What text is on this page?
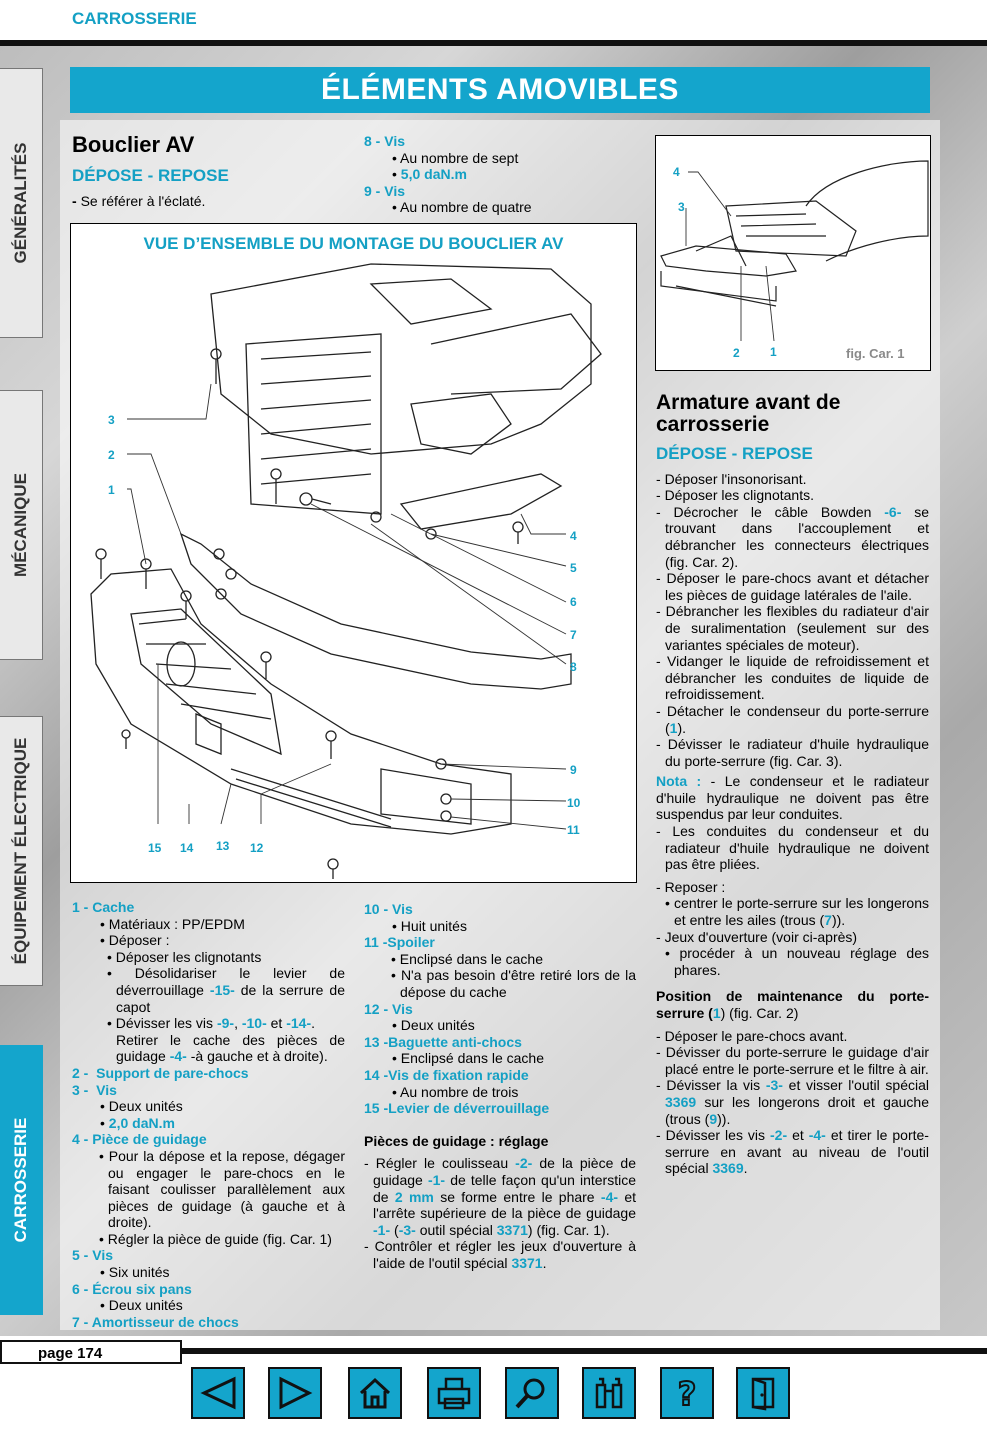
CARROSSERIE
ÉLÉMENTS AMOVIBLES
GÉNÉRALITÉS
MÉCANIQUE
ÉQUIPEMENT ÉLECTRIQUE
CARROSSERIE
Bouclier AV
DÉPOSE - REPOSE

- Se référer à l'éclaté.

8 - Vis

• Au nombre de sept

• 5,0 daN.m

9 - Vis

• Au nombre de quatre

VUE D’ENSEMBLE DU MONTAGE DU BOUCLIER AV
3
2
1
4
5
6
7
8
9
10
11
15 14 13 12
4
3
2	1	fig. Car. 1

1 - Cache

• Matériaux : PP/EPDM

• Déposer :

• Déposer les clignotants

• Désolidariser le levier de déverrouillage -15- de la serrure de capot

• Dévisser les vis -9-, -10- et -14-.

Retirer le cache des pièces de guidage -4- -à gauche et à droite).

2 - Support de pare-chocs

3 - Vis

• Deux unités

• 2,0 daN.m

4 - Pièce de guidage

• Pour la dépose et la repose, dégager ou engager le pare-chocs en le faisant coulisser parallèlement aux pièces de guidage (à gauche et à droite).

• Régler la pièce de guide (fig. Car. 1)

5 - Vis

• Six unités

6 - Écrou six pans

• Deux unités

7 - Amortisseur de chocs

10 - Vis

• Huit unités

11 -Spoiler

• Enclipsé dans le cache

• N'a pas besoin d'être retiré lors de la dépose du cache

12 - Vis

• Deux unités

13 -Baguette anti-chocs

• Enclipsé dans le cache

14 -Vis de fixation rapide

• Au nombre de trois

15 -Levier de déverrouillage

Pièces de guidage : réglage

- Régler le coulisseau -2- de la pièce de guidage -1- de telle façon qu'un interstice de 2 mm se forme entre le phare -4- et l'arrête supérieure de la pièce de guidage -1- (-3- outil spécial 3371) (fig. Car. 1).

- Contrôler et régler les jeux d'ouverture à l'aide de l'outil spécial 3371.

Armature avant de carrosserie
DÉPOSE - REPOSE

- Déposer l'insonorisant.

- Déposer les clignotants.

- Décrocher le câble Bowden -6- se trouvant dans l'accouplement et débrancher les connecteurs électriques (fig. Car. 2).

- Déposer le pare-chocs avant et détacher les pièces de guidage latérales de l'aile.

- Débrancher les flexibles du radiateur d'air de suralimentation (seulement sur des variantes spéciales de moteur).

- Vidanger le liquide de refroidissement et débrancher les conduites de liquide de refroidissement.

- Détacher le condenseur du porte-serrure (1).

- Dévisser le radiateur d'huile hydraulique du porte-serrure (fig. Car. 3).

Nota : - Le condenseur et le radiateur d'huile hydraulique ne doivent pas être suspendus par leur conduites.

- Les conduites du condenseur et du radiateur d'huile hydraulique ne doivent pas être pliées.

- Reposer :

• centrer le porte-serrure sur les longerons et entre les ailes (trous (7)).

- Jeux d'ouverture (voir ci-après)

• procéder à un nouveau réglage des phares.

Position de maintenance du porte-serrure (1) (fig. Car. 2)

- Déposer le pare-chocs avant.

- Dévisser du porte-serrure le guidage d'air placé entre le porte-serrure et le filtre à air.

- Dévisser la vis -3- et visser l'outil spécial 3369 sur les longerons droit et gauche (trous (9)).

- Dévisser les vis -2- et -4- et tirer le porte-serrure en avant au niveau de l'outil spécial 3369.

page 174
?
